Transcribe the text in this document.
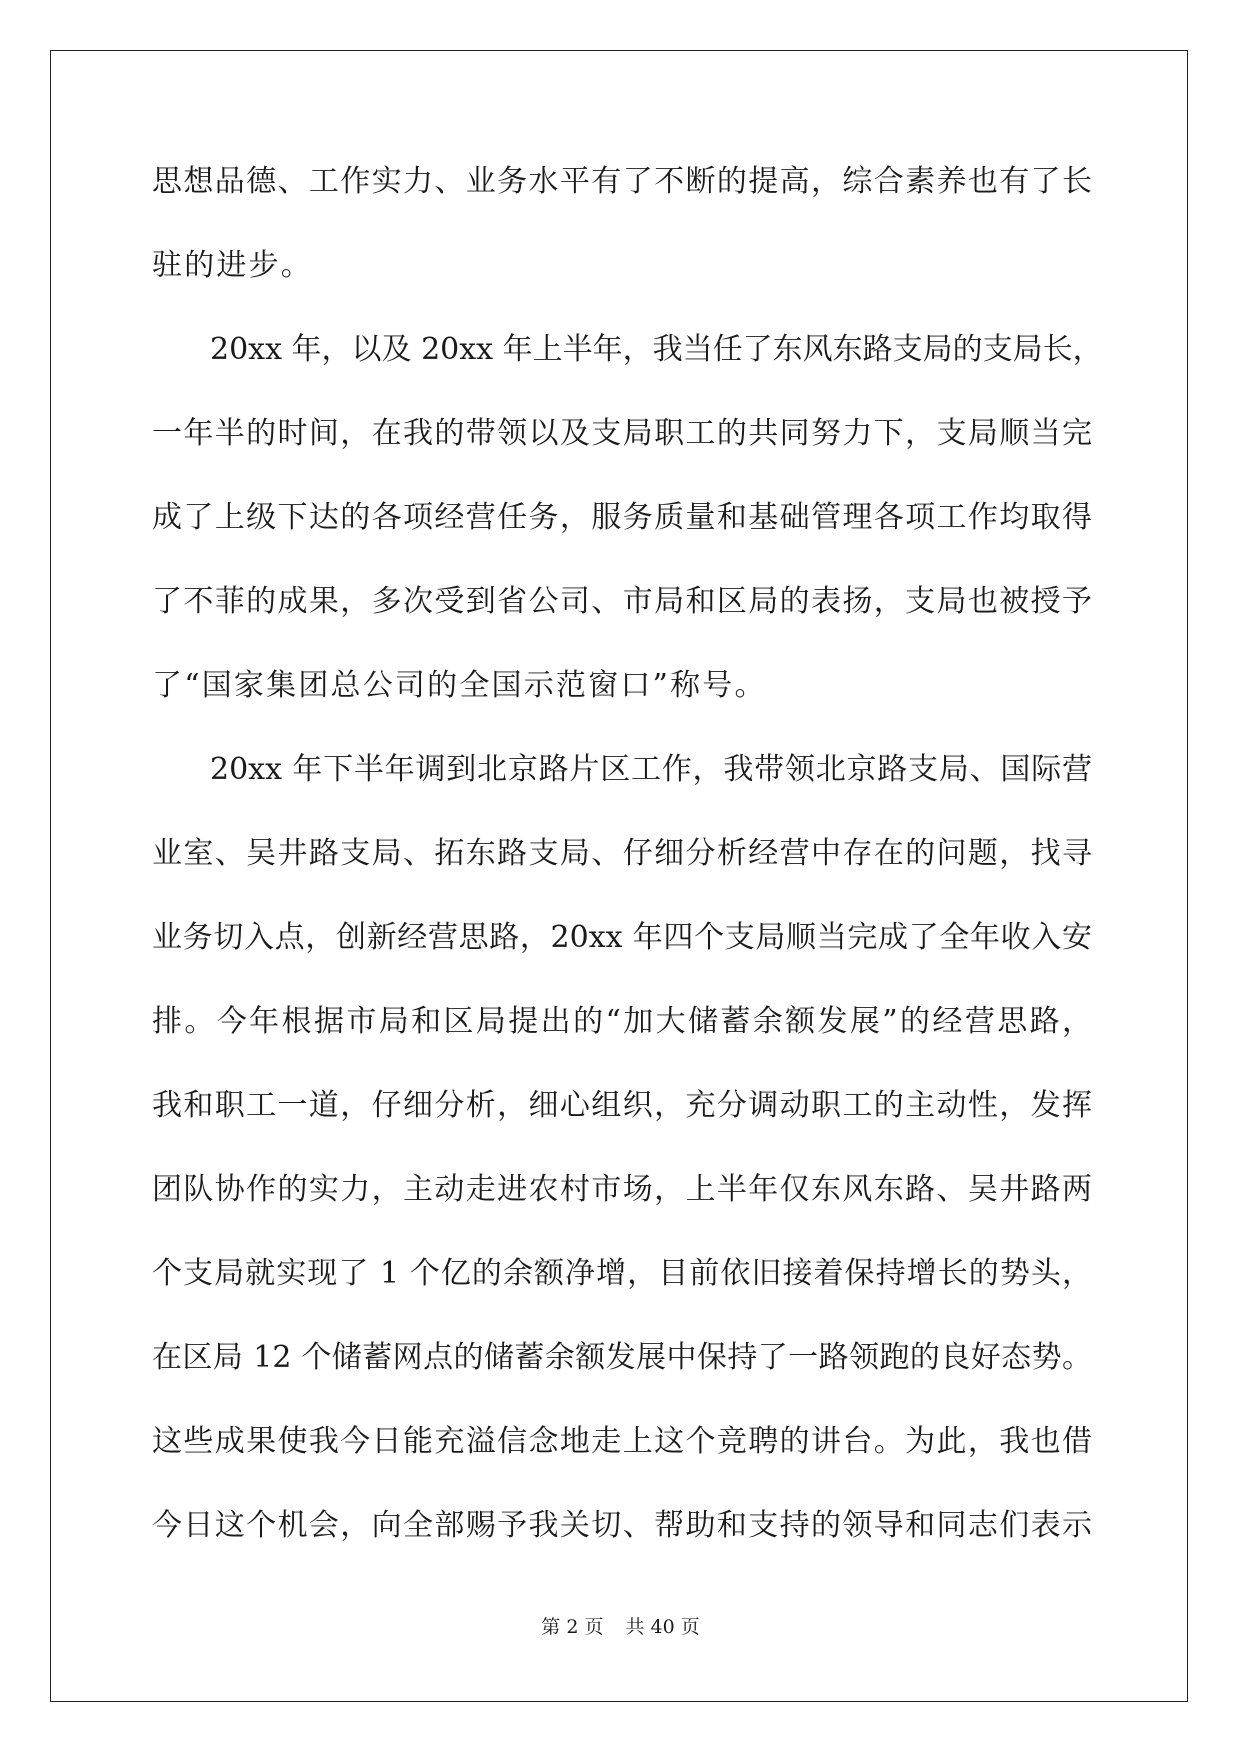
思想品德、工作实力、业务水平有了不断的提高，综合素养也有了长
驻的进步。
20xx 年，以及 20xx 年上半年，我当任了东风东路支局的支局长，
一年半的时间，在我的带领以及支局职工的共同努力下，支局顺当完
成了上级下达的各项经营任务，服务质量和基础管理各项工作均取得
了不菲的成果，多次受到省公司、市局和区局的表扬，支局也被授予
了“国家集团总公司的全国示范窗口”称号。
20xx 年下半年调到北京路片区工作，我带领北京路支局、国际营
业室、吴井路支局、拓东路支局、仔细分析经营中存在的问题，找寻
业务切入点，创新经营思路，20xx 年四个支局顺当完成了全年收入安
排。今年根据市局和区局提出的“加大储蓄余额发展”的经营思路，
我和职工一道，仔细分析，细心组织，充分调动职工的主动性，发挥
团队协作的实力，主动走进农村市场，上半年仅东风东路、吴井路两
个支局就实现了 1 个亿的余额净增，目前依旧接着保持增长的势头，
在区局 12 个储蓄网点的储蓄余额发展中保持了一路领跑的良好态势。
这些成果使我今日能充溢信念地走上这个竞聘的讲台。为此，我也借
今日这个机会，向全部赐予我关切、帮助和支持的领导和同志们表示
第 2 页 共 40 页
